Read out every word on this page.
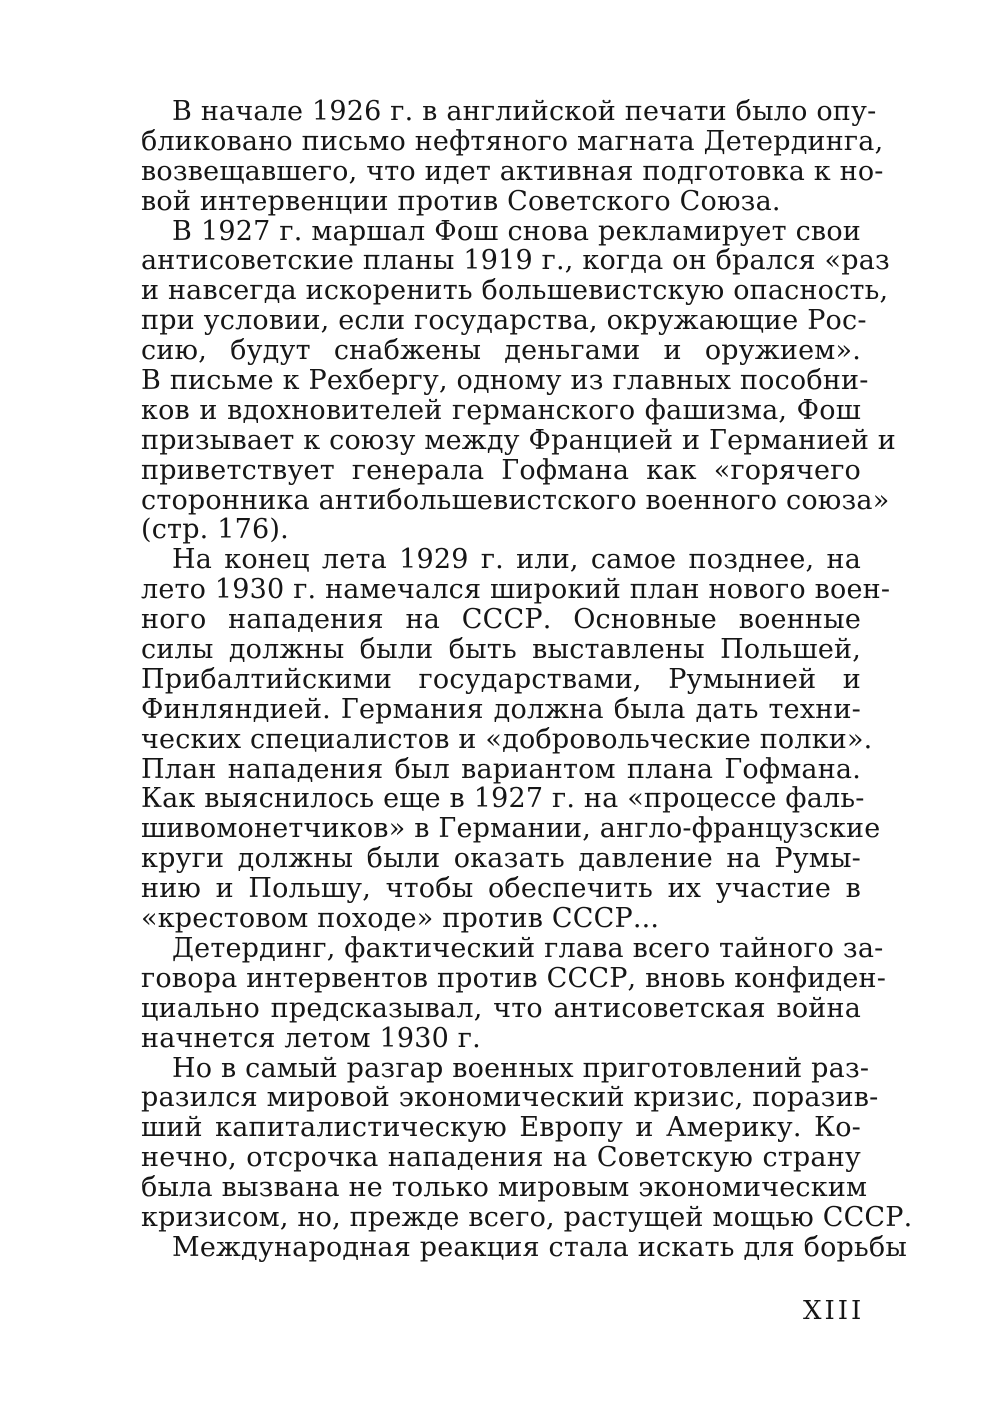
В начале 1926 г. в английской печати было опу-
бликовано письмо нефтяного магната Детердинга,
возвещавшего, что идет активная подготовка к но-
вой интервенции против Советского Союза.
В 1927 г. маршал Фош снова рекламирует свои
антисоветские планы 1919 г., когда он брался «раз
и навсегда искоренить большевистскую опасность,
при условии, если государства, окружающие Рос-
сию, будут снабжены деньгами и оружием».
В письме к Рехбергу, одному из главных пособни-
ков и вдохновителей германского фашизма, Фош
призывает к союзу между Францией и Германией и
приветствует генерала Гофмана как «горячего
сторонника антибольшевистского военного союза»
(стр. 176).
На конец лета 1929 г. или, самое позднее, на
лето 1930 г. намечался широкий план нового воен-
ного нападения на СССР. Основные военные
силы должны были быть выставлены Польшей,
Прибалтийскими государствами, Румынией и
Финляндией. Германия должна была дать техни-
ческих специалистов и «добровольческие полки».
План нападения был вариантом плана Гофмана.
Как выяснилось еще в 1927 г. на «процессе фаль-
шивомонетчиков» в Германии, англо-французские
круги должны были оказать давление на Румы-
нию и Польшу, чтобы обеспечить их участие в
«крестовом походе» против СССР...
Детердинг, фактический глава всего тайного за-
говора интервентов против СССР, вновь конфиден-
циально предсказывал, что антисоветская война
начнется летом 1930 г.
Но в самый разгар военных приготовлений раз-
разился мировой экономический кризис, поразив-
ший капиталистическую Европу и Америку. Ко-
нечно, отсрочка нападения на Советскую страну
была вызвана не только мировым экономическим
кризисом, но, прежде всего, растущей мощью СССР.
Международная реакция стала искать для борьбы
XIII
